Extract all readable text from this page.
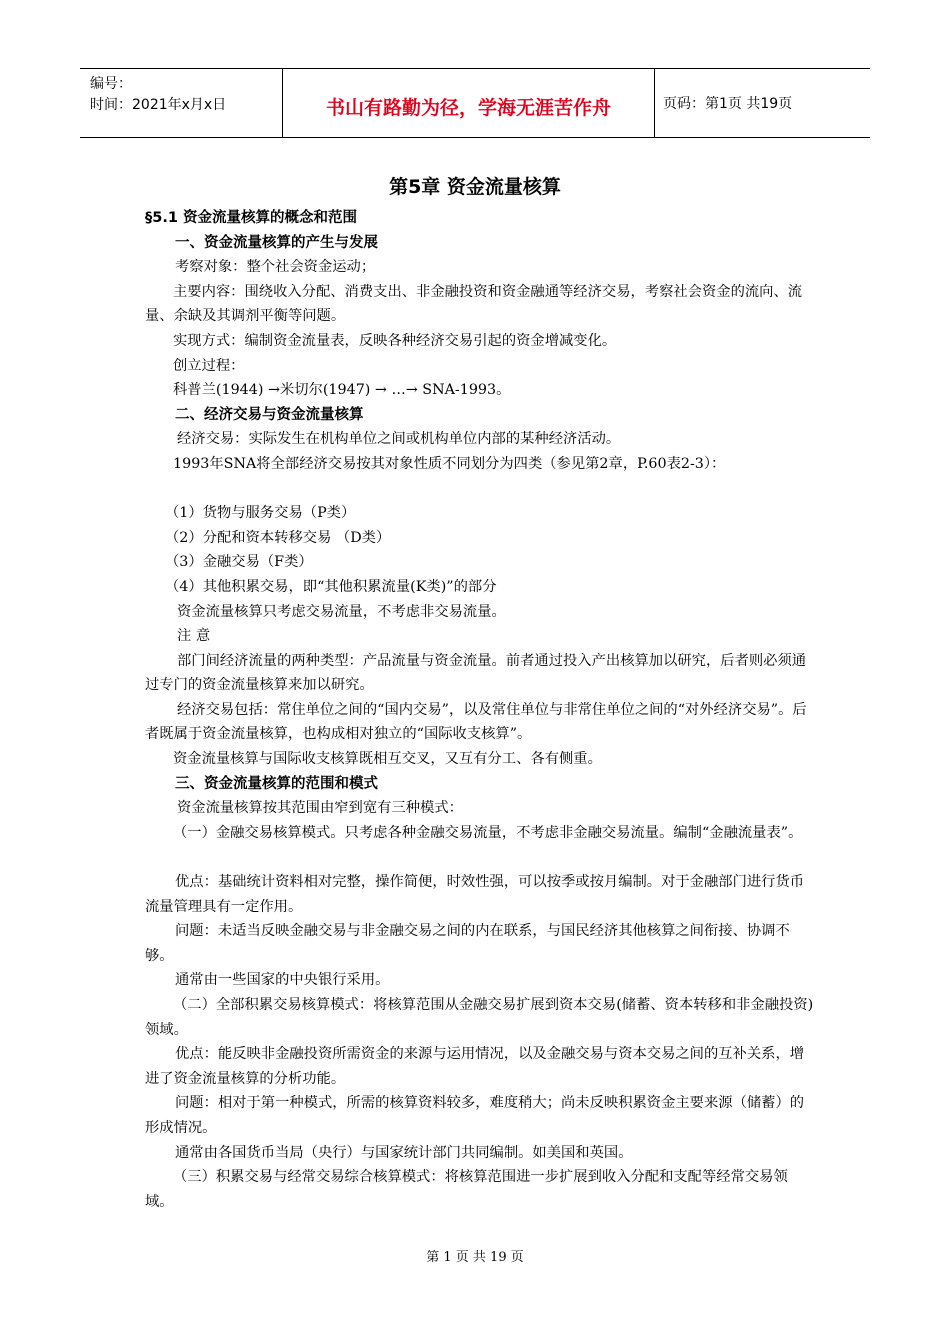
编号：
时间：2021年x月x日	书山有路勤为径，学海无涯苦作舟	页码：第1页 共19页
第5章 资金流量核算
§5.1 资金流量核算的概念和范围
一、资金流量核算的产生与发展
考察对象：整个社会资金运动；
主要内容：围绕收入分配、消费支出、非金融投资和资金融通等经济交易，考察社会资金的流向、流量、余缺及其调剂平衡等问题。
实现方式：编制资金流量表，反映各种经济交易引起的资金增减变化。
创立过程：
科普兰(1944) →米切尔(1947) → …→ SNA-1993。
二、经济交易与资金流量核算
经济交易：实际发生在机构单位之间或机构单位内部的某种经济活动。
1993年SNA将全部经济交易按其对象性质不同划分为四类（参见第2章，P.60表2-3）：
（1）货物与服务交易（P类）
（2）分配和资本转移交易 （D类）
（3）金融交易（F类）
（4）其他积累交易，即“其他积累流量(K类)”的部分
资金流量核算只考虑交易流量，不考虑非交易流量。
注 意
部门间经济流量的两种类型：产品流量与资金流量。前者通过投入产出核算加以研究，后者则必须通过专门的资金流量核算来加以研究。
经济交易包括：常住单位之间的“国内交易”，以及常住单位与非常住单位之间的“对外经济交易”。后者既属于资金流量核算，也构成相对独立的“国际收支核算”。
资金流量核算与国际收支核算既相互交叉，又互有分工、各有侧重。
三、资金流量核算的范围和模式
资金流量核算按其范围由窄到宽有三种模式：
（一）金融交易核算模式。只考虑各种金融交易流量，不考虑非金融交易流量。编制“金融流量表”。
优点：基础统计资料相对完整，操作简便，时效性强，可以按季或按月编制。对于金融部门进行货币流量管理具有一定作用。
问题：未适当反映金融交易与非金融交易之间的内在联系，与国民经济其他核算之间衔接、协调不够。
通常由一些国家的中央银行采用。
（二）全部积累交易核算模式：将核算范围从金融交易扩展到资本交易(储蓄、资本转移和非金融投资)领域。
优点：能反映非金融投资所需资金的来源与运用情况，以及金融交易与资本交易之间的互补关系，增进了资金流量核算的分析功能。
问题：相对于第一种模式，所需的核算资料较多，难度稍大；尚未反映积累资金主要来源（储蓄）的形成情况。
通常由各国货币当局（央行）与国家统计部门共同编制。如美国和英国。
（三）积累交易与经常交易综合核算模式：将核算范围进一步扩展到收入分配和支配等经常交易领域。
第 1 页 共 19 页
